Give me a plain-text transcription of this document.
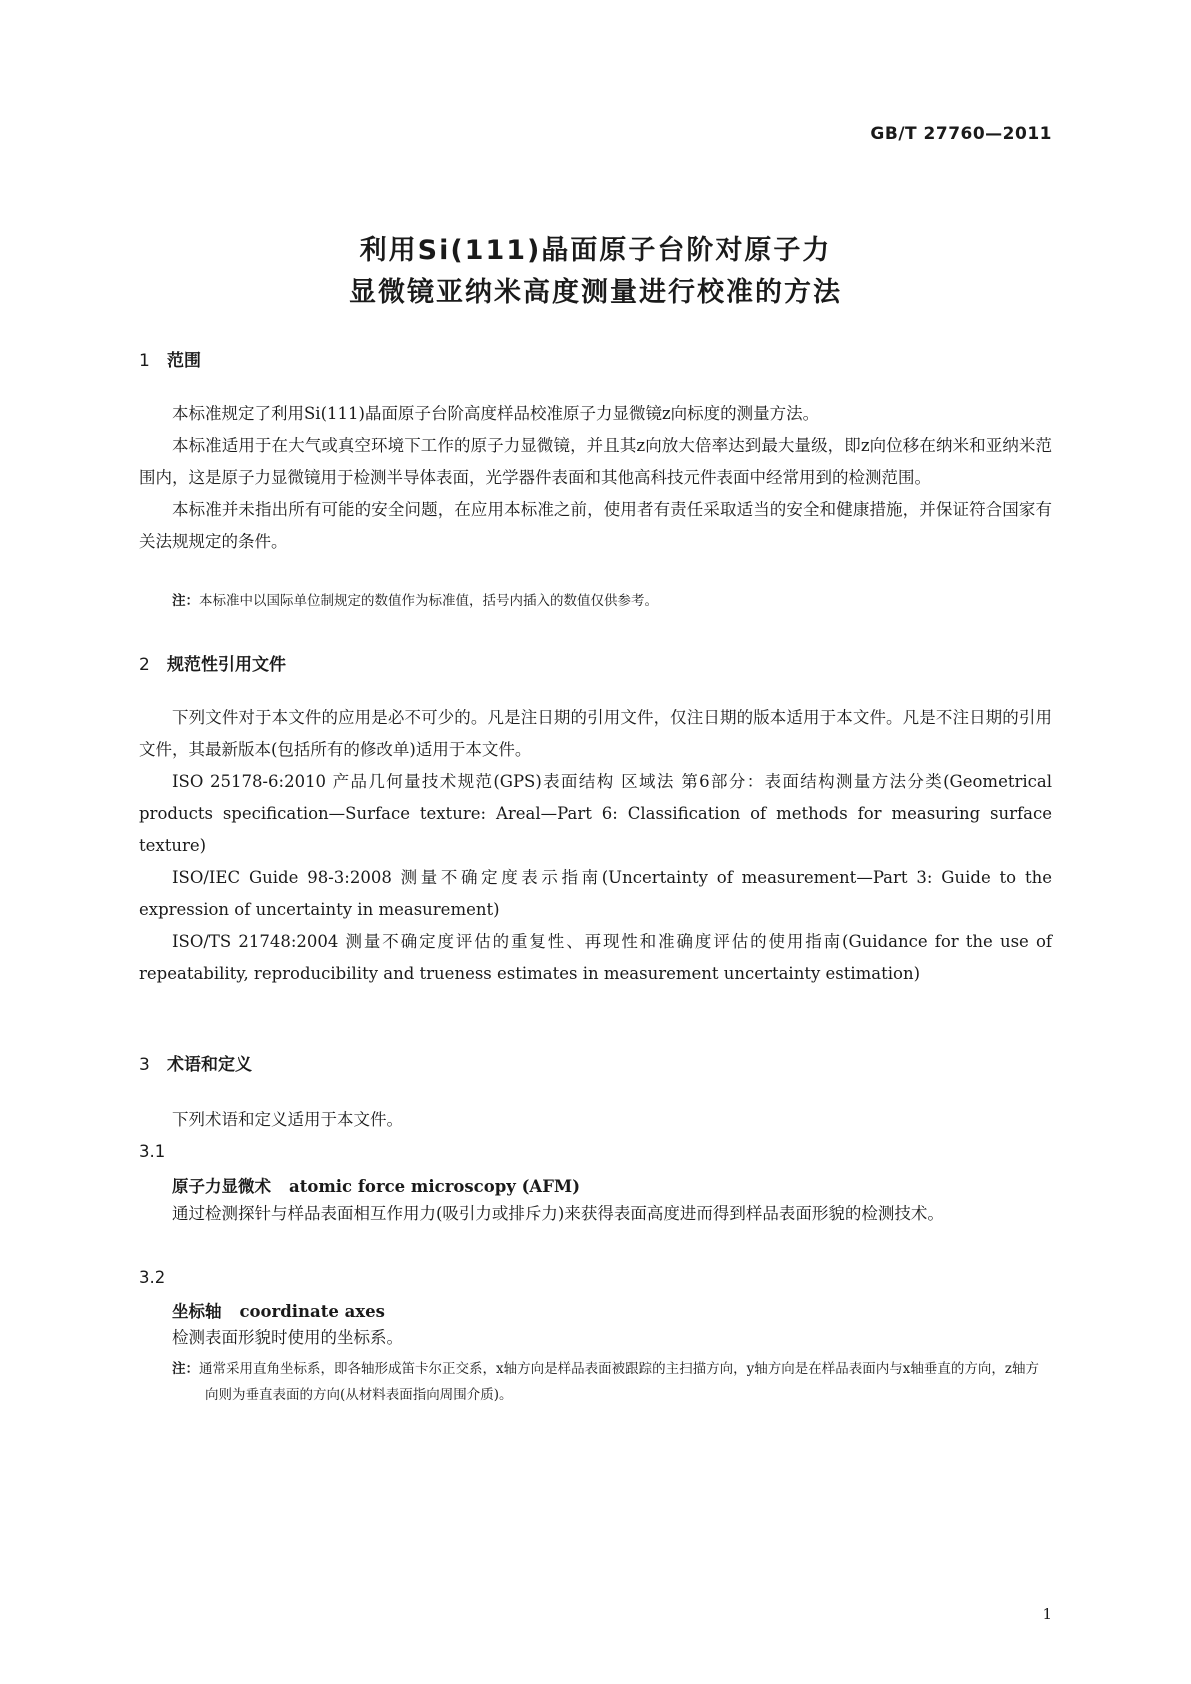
GB/T 27760—2011
利用Si(111)晶面原子台阶对原子力
显微镜亚纳米高度测量进行校准的方法
1 范围

本标准规定了利用Si(111)晶面原子台阶高度样品校准原子力显微镜z向标度的测量方法。

本标准适用于在大气或真空环境下工作的原子力显微镜，并且其z向放大倍率达到最大量级，即z向位移在纳米和亚纳米范围内，这是原子力显微镜用于检测半导体表面，光学器件表面和其他高科技元件表面中经常用到的检测范围。

本标准并未指出所有可能的安全问题，在应用本标准之前，使用者有责任采取适当的安全和健康措施，并保证符合国家有关法规规定的条件。

注：本标准中以国际单位制规定的数值作为标准值，括号内插入的数值仅供参考。
2 规范性引用文件

下列文件对于本文件的应用是必不可少的。凡是注日期的引用文件，仅注日期的版本适用于本文件。凡是不注日期的引用文件，其最新版本(包括所有的修改单)适用于本文件。

ISO 25178-6:2010 产品几何量技术规范(GPS)表面结构 区域法 第6部分：表面结构测量方法分类(Geometrical products specification—Surface texture: Areal—Part 6: Classification of methods for measuring surface texture)

ISO/IEC Guide 98-3:2008 测量不确定度表示指南(Uncertainty of measurement—Part 3: Guide to the expression of uncertainty in measurement)

ISO/TS 21748:2004 测量不确定度评估的重复性、再现性和准确度评估的使用指南(Guidance for the use of repeatability, reproducibility and trueness estimates in measurement uncertainty estimation)

3 术语和定义

下列术语和定义适用于本文件。

3.1
原子力显微术 atomic force microscopy (AFM)

通过检测探针与样品表面相互作用力(吸引力或排斥力)来获得表面高度进而得到样品表面形貌的检测技术。

3.2
坐标轴 coordinate axes

检测表面形貌时使用的坐标系。

注：通常采用直角坐标系，即各轴形成笛卡尔正交系，x轴方向是样品表面被跟踪的主扫描方向，y轴方向是在样品表面内与x轴垂直的方向，z轴方向则为垂直表面的方向(从材料表面指向周围介质)。
1
